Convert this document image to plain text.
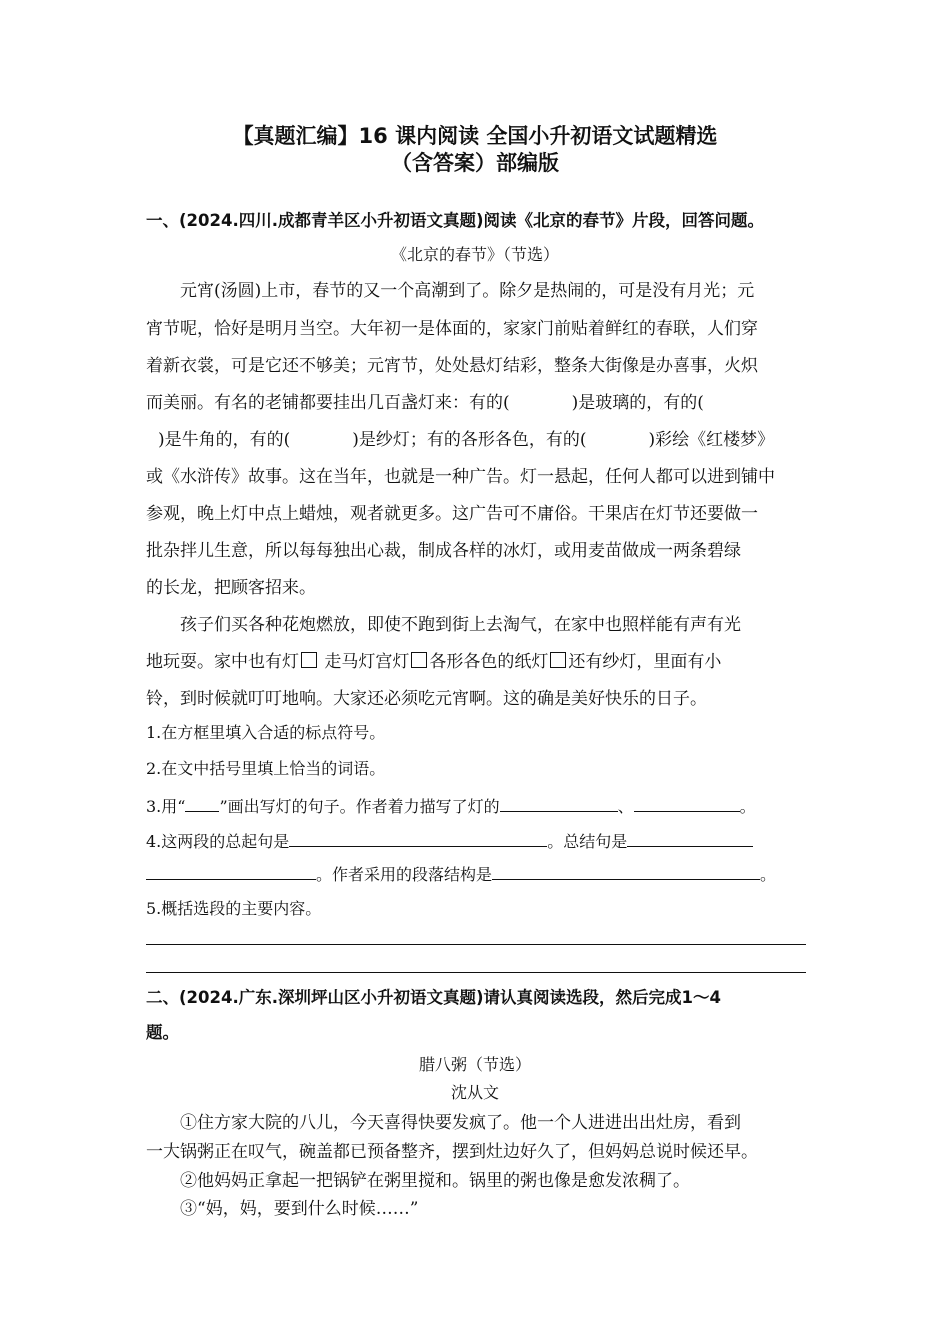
【真题汇编】16 课内阅读 全国小升初语文试题精选
（含答案）部编版
一、(2024.四川.成都青羊区小升初语文真题)阅读《北京的春节》片段，回答问题。
《北京的春节》（节选）
元宵(汤圆)上市，春节的又一个高潮到了。除夕是热闹的，可是没有月光；元
宵节呢，恰好是明月当空。大年初一是体面的，家家门前贴着鲜红的春联，人们穿
着新衣裳，可是它还不够美；元宵节，处处悬灯结彩，整条大街像是办喜事，火炽
而美丽。有名的老铺都要挂出几百盏灯来：有的(	)是玻璃的，有的(
)是牛角的，有的(	)是纱灯；有的各形各色，有的(	)彩绘《红楼梦》
或《水浒传》故事。这在当年，也就是一种广告。灯一悬起，任何人都可以进到铺中
参观，晚上灯中点上蜡烛，观者就更多。这广告可不庸俗。干果店在灯节还要做一
批杂拌儿生意，所以每每独出心裁，制成各样的冰灯，或用麦苗做成一两条碧绿
的长龙，把顾客招来。
孩子们买各种花炮燃放，即使不跑到街上去淘气，在家中也照样能有声有光
地玩耍。家中也有灯 走马灯宫灯 各形各色的纸灯 还有纱灯，里面有小
铃，到时候就叮叮地响。大家还必须吃元宵啊。这的确是美好快乐的日子。
1.在方框里填入合适的标点符号。
2.在文中括号里填上恰当的词语。
3.用“ ”画出写灯的句子。作者着力描写了灯的	、	。
4.这两段的总起句是	。总结句是
。作者采用的段落结构是	。
5.概括选段的主要内容。
二、(2024.广东.深圳坪山区小升初语文真题)请认真阅读选段，然后完成1～4
题。
腊八粥（节选）
沈从文
①住方家大院的八儿，今天喜得快要发疯了。他一个人进进出出灶房，看到
一大锅粥正在叹气，碗盖都已预备整齐，摆到灶边好久了，但妈妈总说时候还早。
②他妈妈正拿起一把锅铲在粥里搅和。锅里的粥也像是愈发浓稠了。
③“妈，妈，要到什么时候……”
